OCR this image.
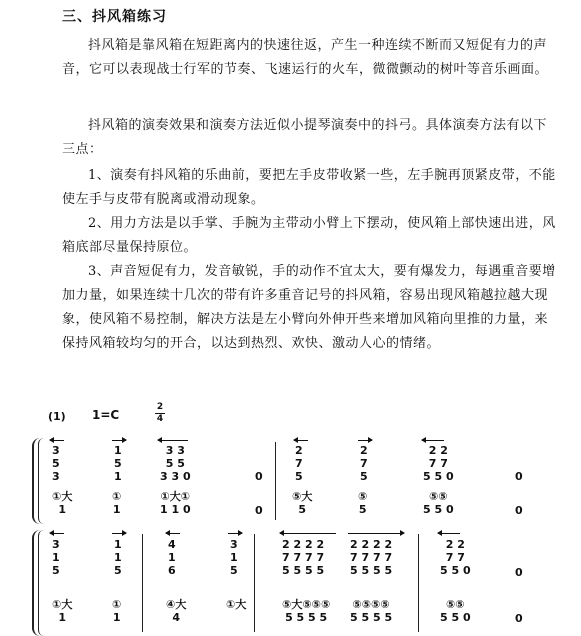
三、抖风箱练习

抖风箱是靠风箱在短距离内的快速往返，产生一种连续不断而又短促有力的声音，它可以表现战士行军的节奏、飞速运行的火车，微微颤动的树叶等音乐画面。

抖风箱的演奏效果和演奏方法近似小提琴演奏中的抖弓。具体演奏方法有以下三点：

1、演奏有抖风箱的乐曲前，要把左手皮带收紧一些，左手腕再顶紧皮带，不能使左手与皮带有脱离或滑动现象。

2、用力方法是以手掌、手腕为主带动小臂上下摆动，使风箱上部快速出进，风箱底部尽量保持原位。

3、声音短促有力，发音敏锐，手的动作不宜太大，要有爆发力，每遇重音要增加力量，如果连续十几次的带有许多重音记号的抖风箱，容易出现风箱越拉越大现象，使风箱不易控制，解决方法是左小臂向外伸开些来增加风箱向里推的力量，来保持风箱较均匀的开合，以达到热烈、欢快、激动人心的情绪。

(1) 1=C
2
4
3
5
3
1
5
1
3 3
5 5
3 3 0	0
2
7
5
2
7
5
2 2
7 7
5 5 0	0
①大
1
①
1
①大①
1 1 0	0
⑤大
5
⑤
5
⑤⑤
5 5 0	0
3
1
5
1
1
5
4
1
6
3
1
5
2 2 2 2
7 7 7 7
5 5 5 5
2 2 2 2
7 7 7 7
5 5 5 5
2 2
7 7
5 5 0	0
①大
1
①
1
④大
4
①大	⑤大⑤⑤⑤
5 5 5 5
⑤⑤⑤⑤
5 5 5 5
⑤⑤
5 5 0	0
